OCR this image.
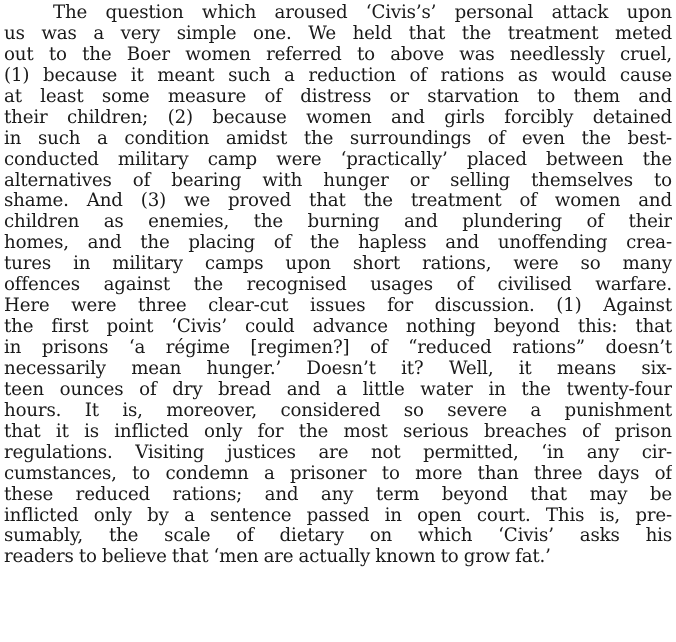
The question which aroused ‘Civis’s’ personal attack upon
us was a very simple one. We held that the treatment meted
out to the Boer women referred to above was needlessly cruel,
(1) because it meant such a reduction of rations as would cause
at least some measure of distress or starvation to them and
their children; (2) because women and girls forcibly detained
in such a condition amidst the surroundings of even the best-
conducted military camp were ‘practically’ placed between the
alternatives of bearing with hunger or selling themselves to
shame. And (3) we proved that the treatment of women and
children as enemies, the burning and plundering of their
homes, and the placing of the hapless and unoffending crea-
tures in military camps upon short rations, were so many
offences against the recognised usages of civilised warfare.
Here were three clear-cut issues for discussion. (1) Against
the first point ‘Civis’ could advance nothing beyond this: that
in prisons ‘a régime [regimen?] of “reduced rations” doesn’t
necessarily mean hunger.’ Doesn’t it? Well, it means six-
teen ounces of dry bread and a little water in the twenty-four
hours. It is, moreover, considered so severe a punishment
that it is inflicted only for the most serious breaches of prison
regulations. Visiting justices are not permitted, ‘in any cir-
cumstances, to condemn a prisoner to more than three days of
these reduced rations; and any term beyond that may be
inflicted only by a sentence passed in open court. This is, pre-
sumably, the scale of dietary on which ‘Civis’ asks his
readers to believe that ‘men are actually known to grow fat.’
